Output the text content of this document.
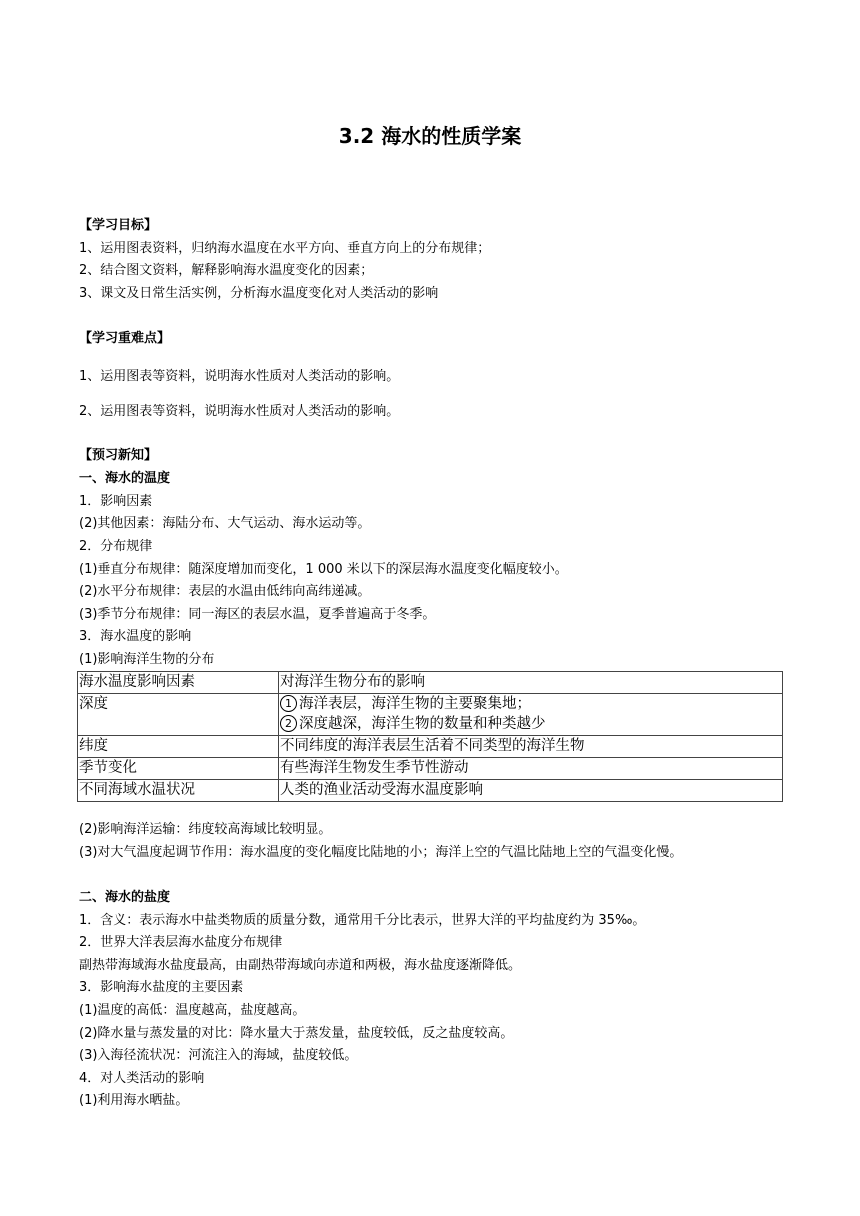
3.2 海水的性质学案
【学习目标】
1、运用图表资料，归纳海水温度在水平方向、垂直方向上的分布规律；
2、结合图文资料，解释影响海水温度变化的因素；
3、课文及日常生活实例，分析海水温度变化对人类活动的影响
【学习重难点】
1、运用图表等资料，说明海水性质对人类活动的影响。
2、运用图表等资料，说明海水性质对人类活动的影响。
【预习新知】
一、海水的温度
1．影响因素
(2)其他因素：海陆分布、大气运动、海水运动等。
2．分布规律
(1)垂直分布规律：随深度增加而变化，1 000 米以下的深层海水温度变化幅度较小。
(2)水平分布规律：表层的水温由低纬向高纬递减。
(3)季节分布规律：同一海区的表层水温，夏季普遍高于冬季。
3．海水温度的影响
(1)影响海洋生物的分布
海水温度影响因素	对海洋生物分布的影响
深度	1 海洋表层，海洋生物的主要聚集地；
2 深度越深，海洋生物的数量和种类越少

纬度	不同纬度的海洋表层生活着不同类型的海洋生物
季节变化	有些海洋生物发生季节性游动
不同海域水温状况	人类的渔业活动受海水温度影响
(2)影响海洋运输：纬度较高海域比较明显。
(3)对大气温度起调节作用：海水温度的变化幅度比陆地的小；海洋上空的气温比陆地上空的气温变化慢。
二、海水的盐度
1．含义：表示海水中盐类物质的质量分数，通常用千分比表示，世界大洋的平均盐度约为 35‰。
2．世界大洋表层海水盐度分布规律
副热带海域海水盐度最高，由副热带海域向赤道和两极，海水盐度逐渐降低。
3．影响海水盐度的主要因素
(1)温度的高低：温度越高，盐度越高。
(2)降水量与蒸发量的对比：降水量大于蒸发量，盐度较低，反之盐度较高。
(3)入海径流状况：河流注入的海域，盐度较低。
4．对人类活动的影响
(1)利用海水晒盐。
